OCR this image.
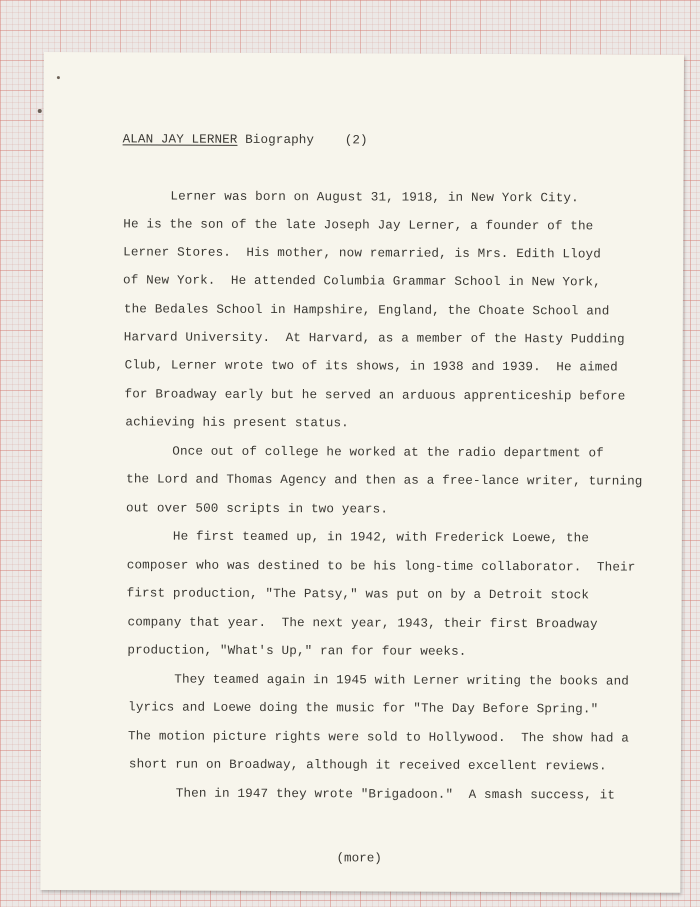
ALAN JAY LERNER Biography (2)
Lerner was born on August 31, 1918, in New York City.
He is the son of the late Joseph Jay Lerner, a founder of the
Lerner Stores.  His mother, now remarried, is Mrs. Edith Lloyd
of New York.  He attended Columbia Grammar School in New York,
the Bedales School in Hampshire, England, the Choate School and
Harvard University.  At Harvard, as a member of the Hasty Pudding
Club, Lerner wrote two of its shows, in 1938 and 1939.  He aimed
for Broadway early but he served an arduous apprenticeship before
achieving his present status.
Once out of college he worked at the radio department of
the Lord and Thomas Agency and then as a free-lance writer, turning
out over 500 scripts in two years.
He first teamed up, in 1942, with Frederick Loewe, the
composer who was destined to be his long-time collaborator.  Their
first production, "The Patsy," was put on by a Detroit stock
company that year.  The next year, 1943, their first Broadway
production, "What's Up," ran for four weeks.
They teamed again in 1945 with Lerner writing the books and
lyrics and Loewe doing the music for "The Day Before Spring."
The motion picture rights were sold to Hollywood.  The show had a
short run on Broadway, although it received excellent reviews.
Then in 1947 they wrote "Brigadoon."  A smash success, it
(more)
